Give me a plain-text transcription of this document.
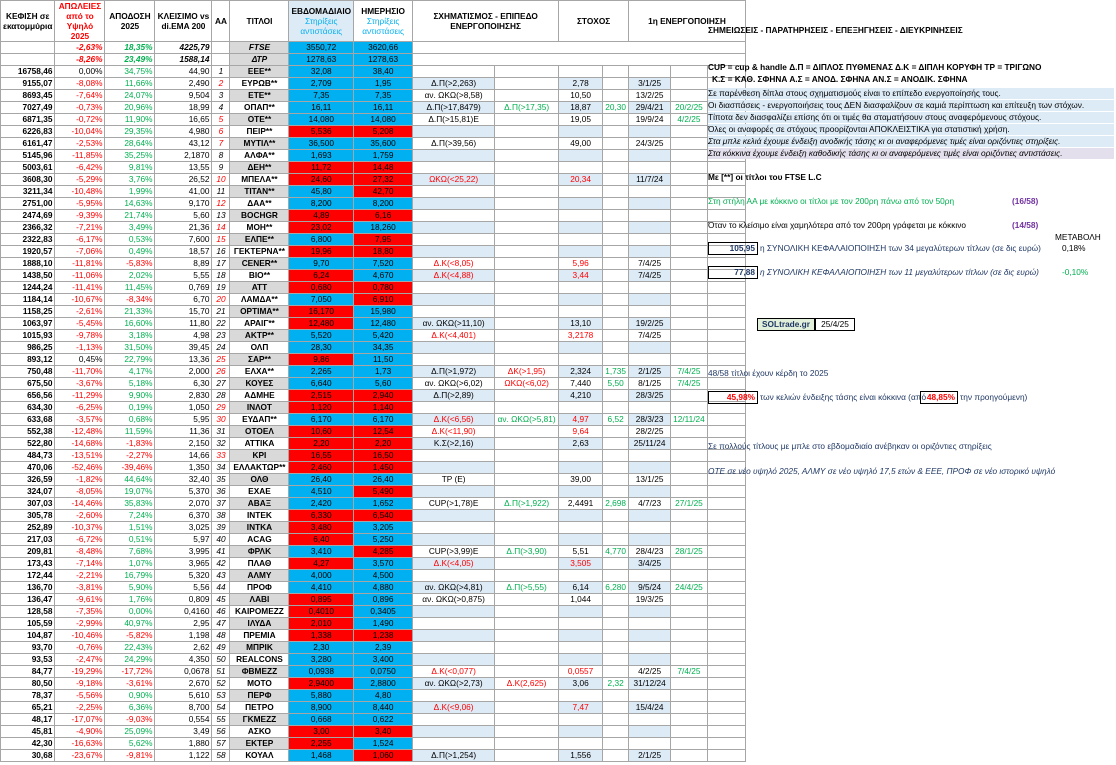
ΚΕΦΙΣΗ σε εκατομμύρια	ΑΠΩΛΕΙΕΣ από το Υψηλό 2025	ΑΠΟΔΟΣΗ 2025	ΚΛΕΙΣΙΜΟ vs di.EMA 200	ΑΑ	ΤΙΤΛΟΙ	ΕΒΔΟΜΑΔΙΑΙΟ
Στηρίξεις αντιστάσεις	ΗΜΕΡΗΣΙΟ
Στηρίξεις αντιστάσεις	ΣΧΗΜΑΤΙΣΜΟΣ - ΕΠΙΠΕΔΟ ΕΝΕΡΓΟΠΟΙΗΣΗΣ		ΣΤΟΧΟΣ		1η ΕΝΕΡΓΟΠΟΙΗΣΗ		
	-2,63%	18,35%	4225,79		FTSE	3550,72	3620,66							
	-8,26%	23,49%	1588,14		ΔΤΡ	1278,63	1278,63							
16758,46	0,00%	34,75%	44,90	1	ΕΕΕ**	32,08	38,40							
9155,07	-8,08%	11,66%	2,490	2	ΕΥΡΩΒ**	2,709	1,95	Δ.Π(>2,263)		2,78		3/1/25		
8693,45	-7,64%	24,07%	9,504	3	ΕΤΕ**	7,35	7,35	αν. ΩΚΩ(>8,58)		10,50		13/2/25		
7027,49	-0,73%	20,96%	18,99	4	ΟΠΑΠ**	16,11	16,11	Δ.Π(>17,8479)	Δ.Π(>17,35)	18,87	20,30	29/4/21	20/2/25	
6871,35	-0,72%	11,90%	16,65	5	ΟΤΕ**	14,080	14,080	Δ.Π(>15,81)Ε		19,05		19/9/24	4/2/25	
6226,83	-10,04%	29,35%	4,980	6	ΠΕΙΡ**	5,536	5,208							
6161,47	-2,53%	28,64%	43,12	7	ΜΥΤΙΛ**	36,500	35,600	Δ.Π(>39,56)		49,00		24/3/25		
5145,96	-11,85%	35,25%	2,1870	8	ΑΛΦΑ**	1,693	1,759							
5003,61	-6,42%	9,81%	13,55	9	ΔΕΗ**	11,72	14,48							
3608,30	-5,29%	3,76%	26,52	10	ΜΠΕΛΑ**	24,60	27,32	ΩΚΩ(<25,22)		20,34		11/7/24		
3211,34	-10,48%	1,99%	41,00	11	ΤΙΤΑΝ**	45,80	42,70							
2751,00	-5,95%	14,63%	9,170	12	ΔΑΑ**	8,200	8,200							
2474,69	-9,39%	21,74%	5,60	13	BOCHGR	4,89	6,16							
2366,32	-7,21%	3,49%	21,36	14	ΜΟΗ**	23,02	18,260							
2322,83	-6,17%	0,53%	7,600	15	ΕΛΠΕ**	6,800	7,95							
1920,57	-7,06%	0,49%	18,57	16	ΓΕΚΤΕΡΝΑ**	19,96	18,80							
1888,10	-11,81%	-5,83%	8,89	17	CENER**	9,70	7,520	Δ.Κ(<8,05)		5,96		7/4/25		
1438,50	-11,06%	2,02%	5,55	18	ΒΙΟ**	6,24	4,670	Δ.Κ(<4,88)		3,44		7/4/25		
1244,24	-11,41%	11,45%	0,769	19	ΑΤΤ	0,680	0,780							
1184,14	-10,67%	-8,34%	6,70	20	ΛΑΜΔΑ**	7,050	6,910							
1158,25	-2,61%	21,33%	15,70	21	OPTIMA**	16,170	15,980							
1063,97	-5,45%	16,60%	11,80	22	ΑΡΑΙΓ**	12,480	12,480	αν. ΩΚΩ(>11,10)		13,10		19/2/25		
1015,93	-9,78%	3,18%	4,98	23	ΑΚΤΡ**	5,520	5,420	Δ.Κ(<4,401)		3,2178		7/4/25		
986,25	-1,13%	31,50%	39,45	24	ΟΛΠ	28,30	34,35							
893,12	0,45%	22,79%	13,36	25	ΣΑΡ**	9,86	11,50							
750,48	-11,70%	4,17%	2,000	26	ΕΛΧΑ**	2,265	1,73	Δ.Π(>1,972)	ΔΚ(>1,95)	2,324	1,735	2/1/25	7/4/25	
675,50	-3,67%	5,18%	6,30	27	ΚΟΥΕΣ	6,640	5,60	αν. ΩΚΩ(>6,02)	ΩΚΩ(<6,02)	7,440	5,50	8/1/25	7/4/25	
656,56	-11,29%	9,90%	2,830	28	ΑΔΜΗΕ	2,515	2,940	Δ.Π(>2,89)		4,210		28/3/25		
634,30	-6,25%	0,19%	1,050	29	ΙΝΛΟΤ	1,120	1,140							
633,68	-3,57%	0,68%	5,95	30	ΕΥΔΑΠ**	6,170	6,170	Δ.Κ(<6,56)	αν. ΩΚΩ(>5,81)	4,97	6,52	28/3/23	12/11/24	
552,38	-12,48%	11,59%	11,36	31	ΟΤΟΕΛ	10,60	12,54	Δ.Κ(<11,90)		9,64		28/2/25		
522,80	-14,68%	-1,83%	2,150	32	ΑΤΤΙΚΑ	2,20	2,20	Κ.Σ(>2,16)		2,63		25/11/24		
484,73	-13,51%	-2,27%	14,66	33	ΚΡΙ	16,55	16,50							
470,06	-52,46%	-39,46%	1,350	34	ΕΛΛΑΚΤΩΡ**	2,460	1,450							
326,59	-1,82%	44,64%	32,40	35	ΟΛΘ	26,40	26,40	ΤΡ (Ε)		39,00		13/1/25		
324,07	-8,05%	19,07%	5,370	36	ΕΧΑΕ	4,510	5,490							
307,03	-14,46%	35,83%	2,070	37	ΑΒΑΞ	2,420	1,652	CUP(>1,78)Ε	Δ.Π(>1,922)	2,4491	2,698	4/7/23	27/1/25	
305,78	-2,60%	7,24%	6,370	38	ΙΝΤΕΚ	6,330	6,540							
252,89	-10,37%	1,51%	3,025	39	ΙΝΤΚΑ	3,480	3,205							
217,03	-6,72%	0,51%	5,97	40	ACAG	6,40	5,250							
209,81	-8,48%	7,68%	3,995	41	ΦΡΛΚ	3,410	4,285	CUP(>3,99)Ε	Δ.Π(>3,90)	5,51	4,770	28/4/23	28/1/25	
173,43	-7,14%	1,07%	3,965	42	ΠΛΑΘ	4,27	3,570	Δ.Κ(<4,05)		3,505		3/4/25		
172,44	-2,21%	16,79%	5,320	43	ΑΛΜΥ	4,000	4,500							
136,70	-3,81%	5,90%	5,56	44	ΠΡΟΦ	4,410	4,880	αν. ΩΚΩ(>4,81)	Δ.Π(>5,55)	6,14	6,280	9/5/24	24/4/25	
136,47	-9,61%	1,76%	0,809	45	ΛΑΒΙ	0,895	0,896	αν. ΩΚΩ(>0,875)		1,044		19/3/25		
128,58	-7,35%	0,00%	0,4160	46	ΚΑΙΡΟΜΕΖΖ	0,4010	0,3405							
105,59	-2,99%	40,97%	2,95	47	ΙΛΥΔΑ	2,010	1,490							
104,87	-10,46%	-5,82%	1,198	48	ΠΡΕΜΙΑ	1,338	1,238							
93,70	-0,76%	22,43%	2,62	49	ΜΠΡΙΚ	2,30	2,39							
93,53	-2,47%	24,29%	4,350	50	REALCONS	3,280	3,400							
84,77	-19,29%	-17,72%	0,0678	51	ΦΒΜΕΖΖ	0,0938	0,0750	Δ.Κ(<0,077)		0,0557		4/2/25	7/4/25	
80,50	-9,18%	-3,61%	2,670	52	ΜΟΤΟ	2,9400	2,8800	αν. ΩΚΩ(>2,73)	Δ.Κ(2,625)	3,06	2,32	31/12/24		
78,37	-5,56%	0,90%	5,610	53	ΠΕΡΦ	5,880	4,80							
65,21	-2,25%	6,36%	8,700	54	ΠΕΤΡΟ	8,900	8,440	Δ.Κ(<9,06)		7,47		15/4/24		
48,17	-17,07%	-9,03%	0,554	55	ΓΚΜΕΖΖ	0,668	0,622							
45,81	-4,90%	25,09%	3,49	56	ΑΣΚΟ	3,00	3,40							
42,30	-16,63%	5,62%	1,880	57	ΕΚΤΕΡ	2,255	1,524							
30,68	-23,67%	-9,81%	1,122	58	ΚΟΥΑΛ	1,468	1,060	Δ.Π(>1,254)		1,556		2/1/25		
ΣΗΜΕΙΩΣΕΙΣ - ΠΑΡΑΤΗΡΗΣΕΙΣ - ΕΠΕΞΗΓΗΣΕΙΣ - ΔΙΕΥΚΡΙΝΗΣΕΙΣ
CUP = cup & handle Δ.Π = ΔΙΠΛΟΣ ΠΥΘΜΕΝΑΣ Δ.Κ = ΔΙΠΛΗ ΚΟΡΥΦΗ ΤΡ = ΤΡΙΓΩΝΟ
Κ.Σ = ΚΑΘ. ΣΦΗΝΑ Α.Σ = ΑΝΟΔ. ΣΦΗΝΑ ΑΝ.Σ = ΑΝΟΔΙΚ. ΣΦΗΝΑ
Σε παρένθεση δίπλα στους σχηματισμούς είναι το επίπεδο ενεργοποίησής τους.
Οι διασπάσεις - ενεργοποιήσεις τους ΔΕΝ διασφαλίζουν σε καμιά περίπτωση και επίτευξη των στόχων.
Τίποτα δεν διασφαλίζει επίσης ότι οι τιμές θα σταματήσουν στους αναφερόμενους στόχους.
Όλες οι αναφορές σε στόχους προορίζονται ΑΠΟΚΛΕΙΣΤΙΚΑ για στατιστική χρήση.
Στα μπλε κελιά έχουμε ένδειξη ανοδικής τάσης κι οι αναφερόμενες τιμές είναι οριζόντιες στηρίξεις.
Στα κόκκινα έχουμε ένδειξη καθοδικής τάσης κι οι αναφερόμενες τιμές είναι οριζόντιες αντιστάσεις.
Με [**] οι τίτλοι του FTSE L.C
Στη στήλη ΑΑ με κόκκινο οι τίτλοι με τον 200ρη πάνω από τον 50ρη	(16/58)
Όταν το κλείσιμο είναι χαμηλότερα από τον 200ρη γράφεται με κόκκινο	(14/58)
ΜΕΤΑΒΟΛΗ
105,95 η ΣΥΝΟΛΙΚΗ ΚΕΦΑΛΑΙΟΠΟΙΗΣΗ των 34 μεγαλύτερων τίτλων (σε δις ευρώ)	0,18%
77,88 η ΣΥΝΟΛΙΚΗ ΚΕΦΑΛΑΙΟΠΟΙΗΣΗ των 11 μεγαλύτερων τίτλων (σε δις ευρώ)	-0,10%
SOLtrade.gr	25/4/25
48/58 τίτλοι έχουν κέρδη το 2025
45,98% των κελιών ένδειξης τάσης είναι κόκκινα (από 48,85% την προηγούμενη)
Σε πολλούς τίτλους με μπλε στο εβδομαδιαίο ανέβηκαν οι οριζόντιες στηρίξεις
ΟΤΕ σε νέο υψηλό 2025, ΑΛΜΥ σε νέο υψηλό 17,5 ετών & ΕΕΕ, ΠΡΟΦ σε νέο ιστορικό υψηλό
